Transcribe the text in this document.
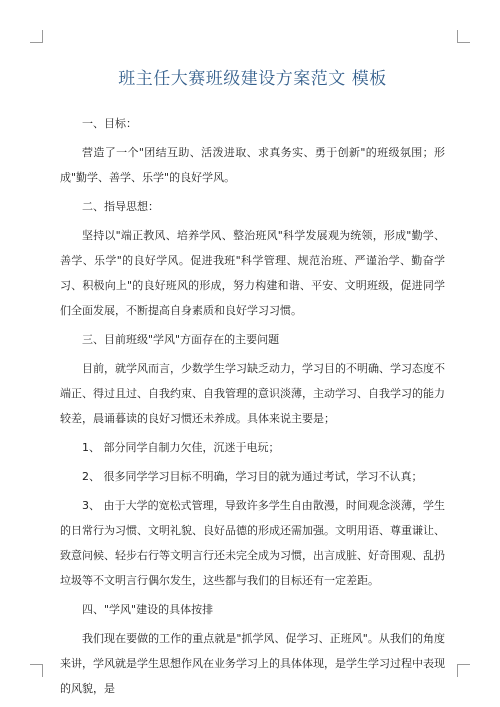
班主任大赛班级建设方案范文 模板

一、目标：

营造了一个"团结互助、活泼进取、求真务实、勇于创新"的班级氛围；形成"勤学、善学、乐学"的良好学风。

二、指导思想：

坚持以"端正教风、培养学风、整治班风"科学发展观为统领，形成"勤学、善学、乐学"的良好学风。促进我班"科学管理、规范治班、严谨治学、勤奋学习、积极向上"的良好班风的形成，努力构建和谐、平安、文明班级，促进同学们全面发展，不断提高自身素质和良好学习习惯。

三、目前班级"学风"方面存在的主要问题

目前，就学风而言，少数学生学习缺乏动力，学习目的不明确、学习态度不端正、得过且过、自我约束、自我管理的意识淡薄，主动学习、自我学习的能力较差，晨诵暮读的良好习惯还未养成。具体来说主要是；

1、 部分同学自制力欠佳，沉迷于电玩；

2、 很多同学学习目标不明确，学习目的就为通过考试，学习不认真；

3、 由于大学的宽松式管理，导致许多学生自由散漫，时间观念淡薄，学生的日常行为习惯、文明礼貌、良好品德的形成还需加强。文明用语、尊重谦让、致意问候、轻步右行等文明言行还未完全成为习惯，出言成脏、好奇围观、乱扔垃圾等不文明言行偶尔发生，这些都与我们的目标还有一定差距。

四、"学风"建设的具体按排

我们现在要做的工作的重点就是"抓学风、促学习、正班风"。从我们的角度来讲，学风就是学生思想作风在业务学习上的具体体现，是学生学习过程中表现的风貌，是
